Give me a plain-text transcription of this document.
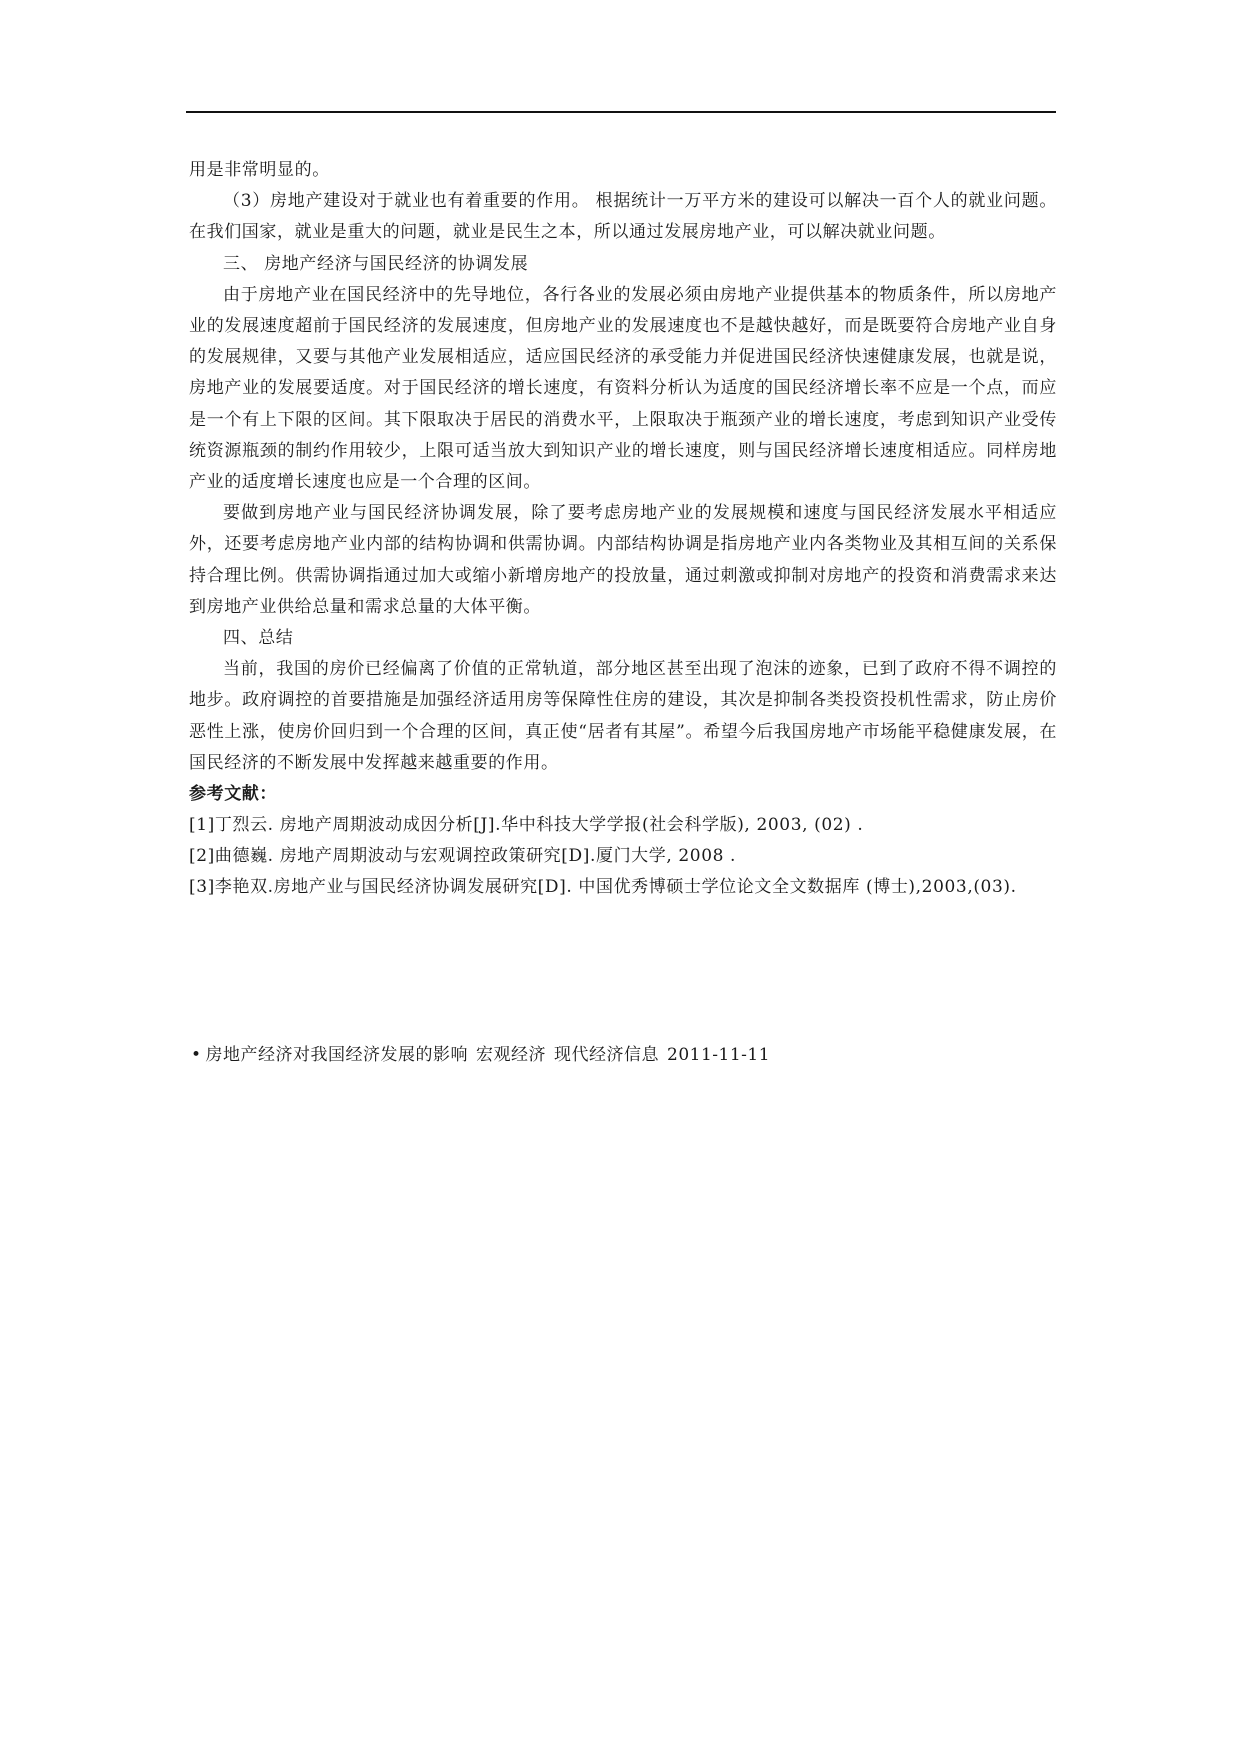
用是非常明显的。

（3）房地产建设对于就业也有着重要的作用。 根据统计一万平方米的建设可以解决一百个人的就业问题。在我们国家，就业是重大的问题，就业是民生之本，所以通过发展房地产业，可以解决就业问题。

三、 房地产经济与国民经济的协调发展

由于房地产业在国民经济中的先导地位，各行各业的发展必须由房地产业提供基本的物质条件，所以房地产业的发展速度超前于国民经济的发展速度，但房地产业的发展速度也不是越快越好，而是既要符合房地产业自身的发展规律，又要与其他产业发展相适应，适应国民经济的承受能力并促进国民经济快速健康发展，也就是说，房地产业的发展要适度。对于国民经济的增长速度，有资料分析认为适度的国民经济增长率不应是一个点，而应是一个有上下限的区间。其下限取决于居民的消费水平，上限取决于瓶颈产业的增长速度，考虑到知识产业受传统资源瓶颈的制约作用较少，上限可适当放大到知识产业的增长速度，则与国民经济增长速度相适应。同样房地产业的适度增长速度也应是一个合理的区间。

要做到房地产业与国民经济协调发展，除了要考虑房地产业的发展规模和速度与国民经济发展水平相适应外，还要考虑房地产业内部的结构协调和供需协调。内部结构协调是指房地产业内各类物业及其相互间的关系保持合理比例。供需协调指通过加大或缩小新增房地产的投放量，通过刺激或抑制对房地产的投资和消费需求来达到房地产业供给总量和需求总量的大体平衡。

四、总结

当前，我国的房价已经偏离了价值的正常轨道，部分地区甚至出现了泡沫的迹象，已到了政府不得不调控的地步。政府调控的首要措施是加强经济适用房等保障性住房的建设，其次是抑制各类投资投机性需求，防止房价恶性上涨，使房价回归到一个合理的区间，真正使“居者有其屋”。希望今后我国房地产市场能平稳健康发展，在国民经济的不断发展中发挥越来越重要的作用。

参考文献：

[1]丁烈云. 房地产周期波动成因分析[J].华中科技大学学报(社会科学版), 2003, (02) .

[2]曲德巍. 房地产周期波动与宏观调控政策研究[D].厦门大学, 2008 .

[3]李艳双.房地产业与国民经济协调发展研究[D]. 中国优秀博硕士学位论文全文数据库 (博士),2003,(03).

• 房地产经济对我国经济发展的影响 宏观经济 现代经济信息 2011-11-11
